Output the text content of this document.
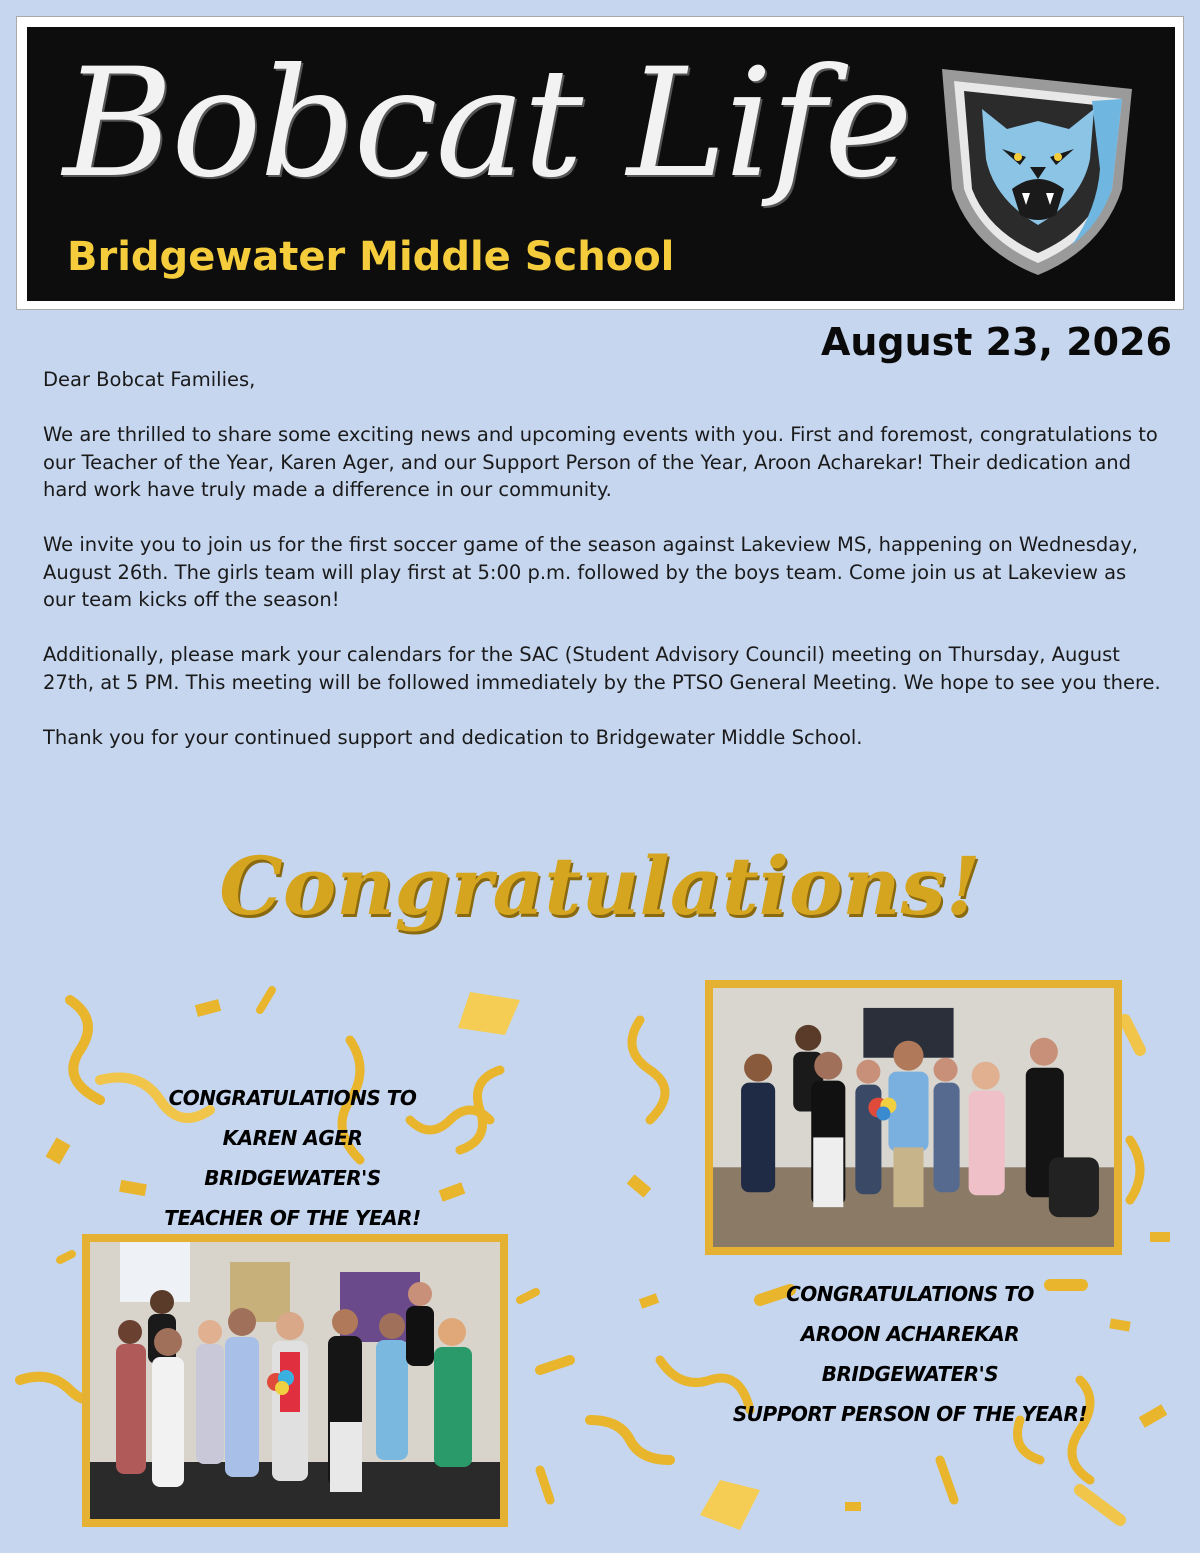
Bobcat Life
Bridgewater Middle School
August 23, 2026

Dear Bobcat Families,

We are thrilled to share some exciting news and upcoming events with you. First and foremost, congratulations to our Teacher of the Year, Karen Ager, and our Support Person of the Year, Aroon Acharekar! Their dedication and hard work have truly made a difference in our community.

We invite you to join us for the first soccer game of the season against Lakeview MS, happening on Wednesday, August 26th. The girls team will play first at 5:00 p.m. followed by the boys team. Come join us at Lakeview as our team kicks off the season!

Additionally, please mark your calendars for the SAC (Student Advisory Council) meeting on Thursday, August 27th, at 5 PM. This meeting will be followed immediately by the PTSO General Meeting. We hope to see you there.

Thank you for your continued support and dedication to Bridgewater Middle School.

Congratulations!
CONGRATULATIONS TO
KAREN AGER
BRIDGEWATER'S
TEACHER OF THE YEAR!
CONGRATULATIONS TO
AROON ACHAREKAR
BRIDGEWATER'S
SUPPORT PERSON OF THE YEAR!
